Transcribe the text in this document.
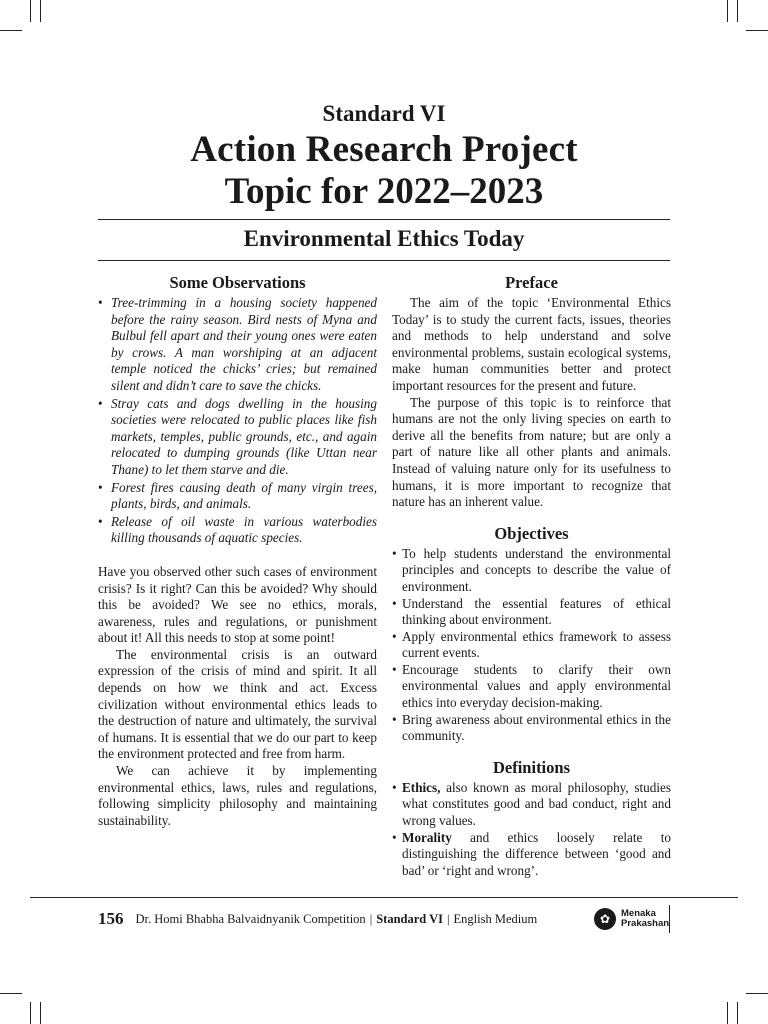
Standard VI
Action Research Project
Topic for 2022–2023
Environmental Ethics Today
Some Observations
• Tree-trimming in a housing society happened before the rainy season. Bird nests of Myna and Bulbul fell apart and their young ones were eaten by crows. A man worshiping at an adjacent temple noticed the chicks’ cries; but remained silent and didn’t care to save the chicks.
• Stray cats and dogs dwelling in the housing societies were relocated to public places like fish markets, temples, public grounds, etc., and again relocated to dumping grounds (like Uttan near Thane) to let them starve and die.
• Forest fires causing death of many virgin trees, plants, birds, and animals.
• Release of oil waste in various waterbodies killing thousands of aquatic species.

Have you observed other such cases of environment crisis? Is it right? Can this be avoided? Why should this be avoided? We see no ethics, morals, awareness, rules and regulations, or punishment about it! All this needs to stop at some point!

The environmental crisis is an outward expression of the crisis of mind and spirit. It all depends on how we think and act. Excess civilization without environmental ethics leads to the destruction of nature and ultimately, the survival of humans. It is essential that we do our part to keep the environment protected and free from harm.

We can achieve it by implementing environmental ethics, laws, rules and regulations, following simplicity philosophy and maintaining sustainability.

Preface

The aim of the topic ‘Environmental Ethics Today’ is to study the current facts, issues, theories and methods to help understand and solve environmental problems, sustain ecological systems, make human communities better and protect important resources for the present and future.

The purpose of this topic is to reinforce that humans are not the only living species on earth to derive all the benefits from nature; but are only a part of nature like all other plants and animals. Instead of valuing nature only for its usefulness to humans, it is more important to recognize that nature has an inherent value.

Objectives
• To help students understand the environmental principles and concepts to describe the value of environment.
• Understand the essential features of ethical thinking about environment.
• Apply environmental ethics framework to assess current events.
• Encourage students to clarify their own environmental values and apply environmental ethics into everyday decision-making.
• Bring awareness about environmental ethics in the community.
Definitions
• Ethics, also known as moral philosophy, studies what constitutes good and bad conduct, right and wrong values.
• Morality and ethics loosely relate to distinguishing the difference between ‘good and bad’ or ‘right and wrong’.
156 Dr. Homi Bhabha Balvaidnyanik Competition | Standard VI | English Medium	✿	Menaka
Prakashan
